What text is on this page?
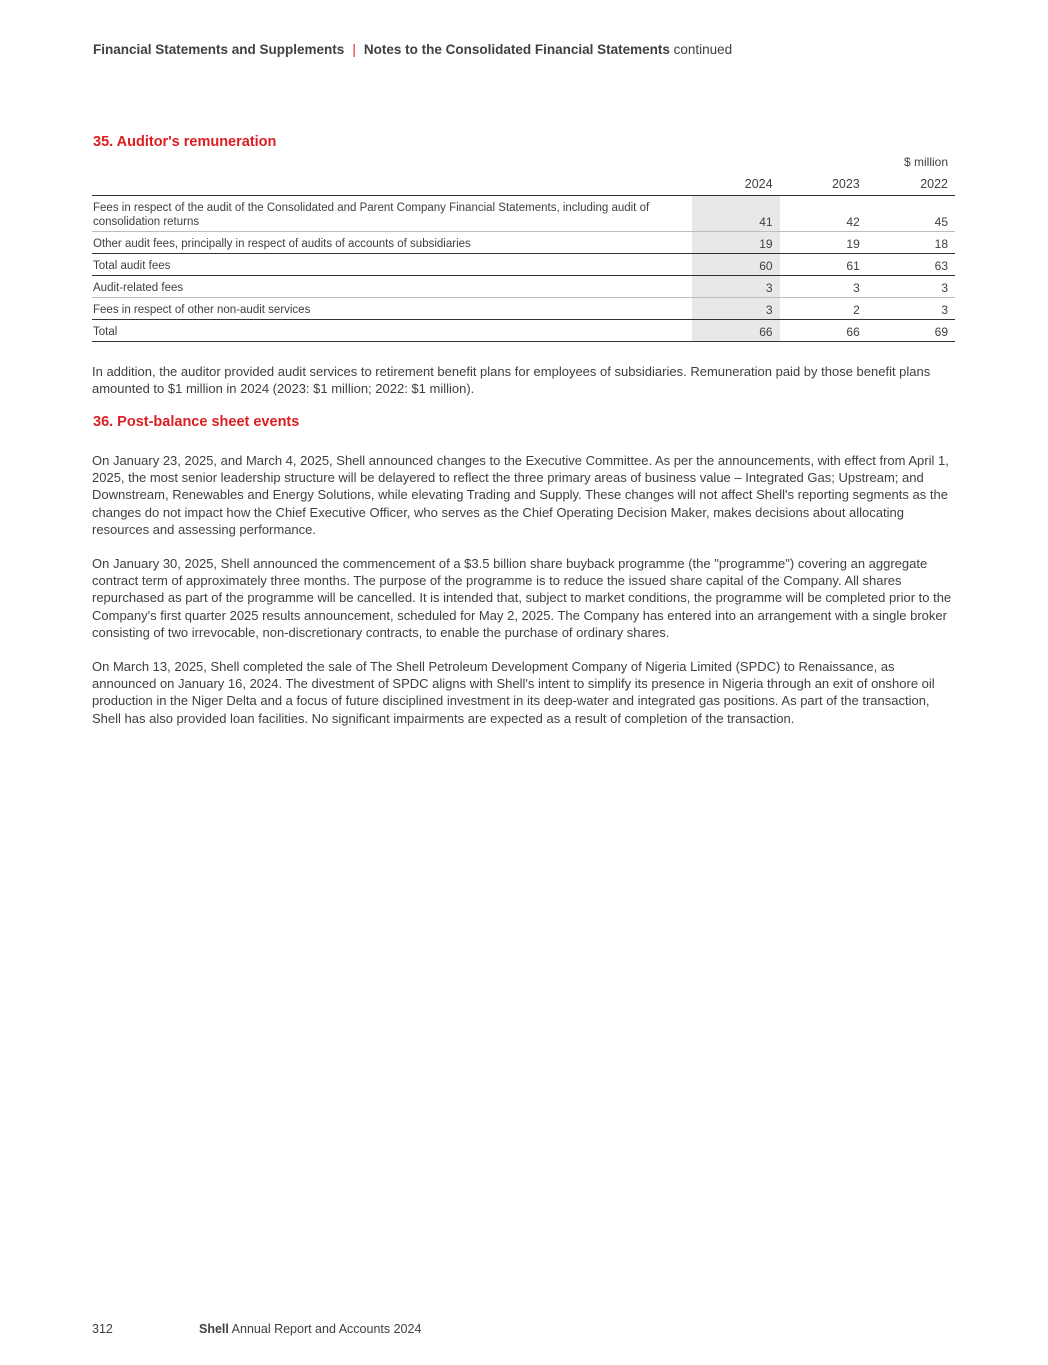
Financial Statements and Supplements | Notes to the Consolidated Financial Statements continued
35. Auditor's remuneration
$ million
	2024	2023	2022
Fees in respect of the audit of the Consolidated and Parent Company Financial Statements, including audit of consolidation returns	41	42	45
Other audit fees, principally in respect of audits of accounts of subsidiaries	19	19	18
Total audit fees	60	61	63
Audit-related fees	3	3	3
Fees in respect of other non-audit services	3	2	3
Total	66	66	69

In addition, the auditor provided audit services to retirement benefit plans for employees of subsidiaries. Remuneration paid by those benefit plans amounted to $1 million in 2024 (2023: $1 million; 2022: $1 million).

36. Post-balance sheet events

On January 23, 2025, and March 4, 2025, Shell announced changes to the Executive Committee. As per the announcements, with effect from April 1, 2025, the most senior leadership structure will be delayered to reflect the three primary areas of business value – Integrated Gas; Upstream; and Downstream, Renewables and Energy Solutions, while elevating Trading and Supply. These changes will not affect Shell's reporting segments as the changes do not impact how the Chief Executive Officer, who serves as the Chief Operating Decision Maker, makes decisions about allocating resources and assessing performance.

On January 30, 2025, Shell announced the commencement of a $3.5 billion share buyback programme (the "programme") covering an aggregate contract term of approximately three months. The purpose of the programme is to reduce the issued share capital of the Company. All shares repurchased as part of the programme will be cancelled. It is intended that, subject to market conditions, the programme will be completed prior to the Company's first quarter 2025 results announcement, scheduled for May 2, 2025. The Company has entered into an arrangement with a single broker consisting of two irrevocable, non-discretionary contracts, to enable the purchase of ordinary shares.

On March 13, 2025, Shell completed the sale of The Shell Petroleum Development Company of Nigeria Limited (SPDC) to Renaissance, as announced on January 16, 2024. The divestment of SPDC aligns with Shell's intent to simplify its presence in Nigeria through an exit of onshore oil production in the Niger Delta and a focus of future disciplined investment in its deep-water and integrated gas positions. As part of the transaction, Shell has also provided loan facilities. No significant impairments are expected as a result of completion of the transaction.

312	Shell Annual Report and Accounts 2024
